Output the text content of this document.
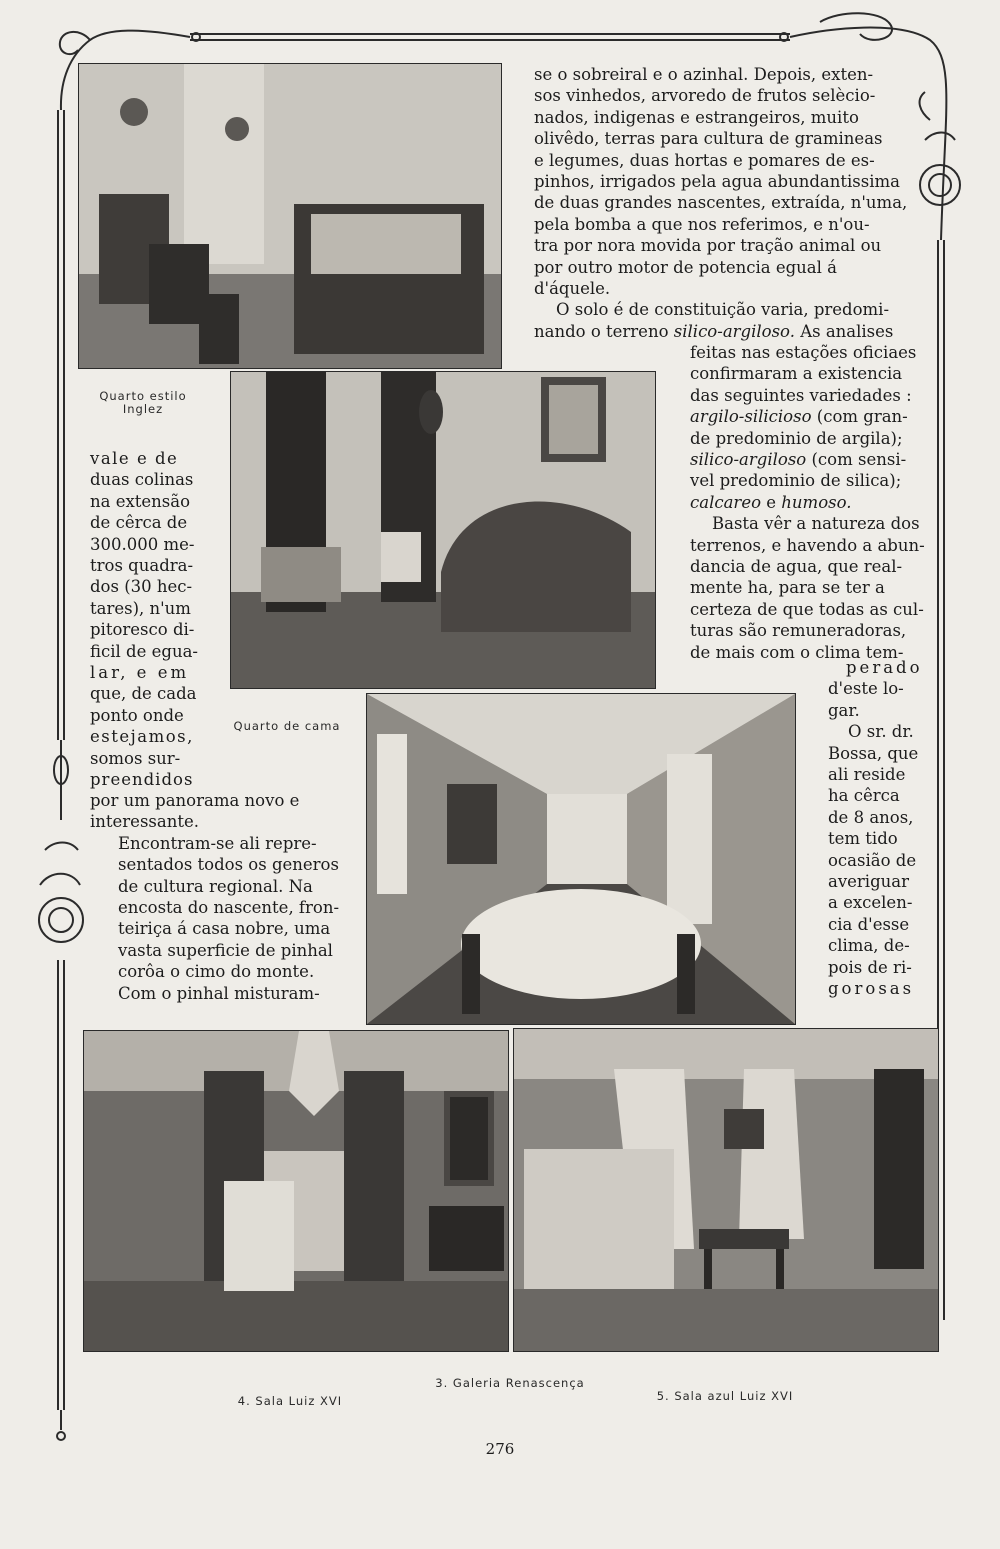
Quarto estilo Inglez
Quarto de cama
3. Galeria Renascença
4. Sala Luiz XVI	5. Sala azul Luiz XVI
se o sobreiral e o azinhal. Depois, exten-
sos vinhedos, arvoredo de frutos selècio-
nados, indigenas e estrangeiros, muito
olivêdo, terras para cultura de gramineas
e legumes, duas hortas e pomares de es-
pinhos, irrigados pela agua abundantissima
de duas grandes nascentes, extraída, n'uma,
pela bomba a que nos referimos, e n'ou-
tra por nora movida por tração animal ou
por outro motor de potencia egual á
d'áquele.
O solo é de constituição varia, predomi-
nando o terreno silico-argiloso. As analises
feitas nas estações oficiaes
confirmaram a existencia
das seguintes variedades :
argilo-silicioso (com gran-
de predominio de argila);
silico-argiloso (com sensi-
vel predominio de silica);
calcareo e humoso.
Basta vêr a natureza dos
terrenos, e havendo a abun-
dancia de agua, que real-
mente ha, para se ter a
certeza de que todas as cul-
turas são remuneradoras,
de mais com o clima tem-
perado
d'este lo-
gar.
O sr. dr.
Bossa, que
ali reside
ha cêrca
de 8 anos,
tem tido
ocasião de
averiguar
a excelen-
cia d'esse
clima, de-
pois de ri-
gorosas
vale e de
duas colinas
na extensão
de cêrca de
300.000 me-
tros quadra-
dos (30 hec-
tares), n'um
pitoresco di-
ficil de egua-
lar, e em
que, de cada
ponto onde
estejamos,
somos sur-
preendidos
por um panorama novo e
interessante.
Encontram-se ali repre-
sentados todos os generos
de cultura regional. Na
encosta do nascente, fron-
teiriça á casa nobre, uma
vasta superficie de pinhal
corôa o cimo do monte.
Com o pinhal misturam-
276
